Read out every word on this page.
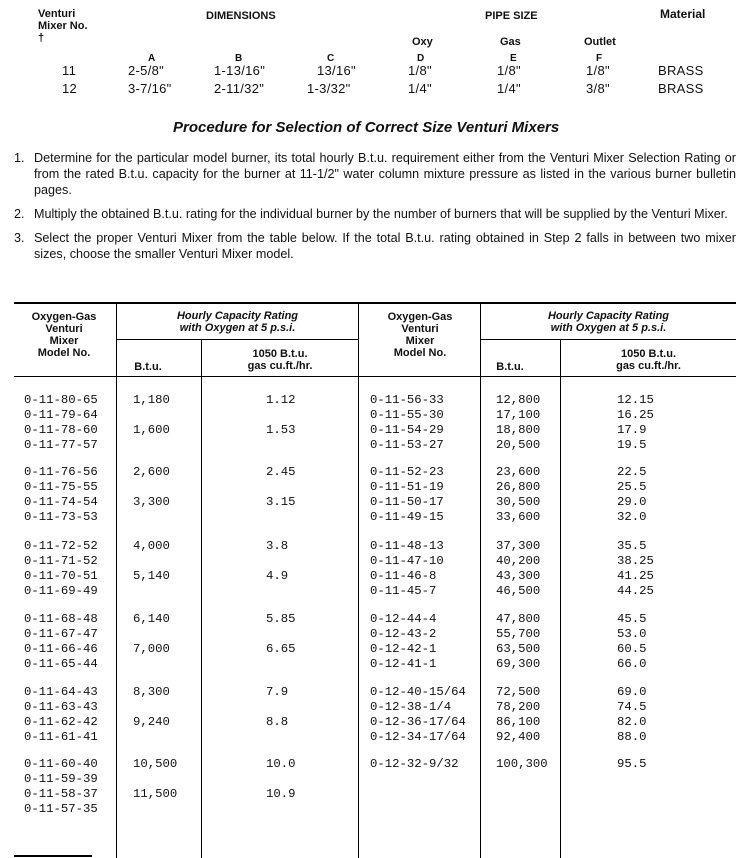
Venturi
Mixer No.
†
DIMENSIONS	PIPE SIZE	Material
Oxy	Gas	Outlet
A	B	C	D	E	F
11	2-5/8"	1-13/16"	13/16"	1/8"	1/8"	1/8"	BRASS
12	3-7/16"	2-11/32"	1-3/32"	1/4"	1/4"	3/8"	BRASS
Procedure for Selection of Correct Size Venturi Mixers
1. Determine for the particular model burner, its total hourly B.t.u. requirement either from the Venturi Mixer Selection Rating or from the rated B.t.u. capacity for the burner at 11-1/2" water column mixture pressure as listed in the various burner bulletin pages.
2. Multiply the obtained B.t.u. rating for the individual burner by the number of burners that will be supplied by the Venturi Mixer.
3. Select the proper Venturi Mixer from the table below. If the total B.t.u. rating obtained in Step 2 falls in between two mixer sizes, choose the smaller Venturi Mixer model.
Oxygen-Gas
Venturi
Mixer
Model No.
Hourly Capacity Rating
with Oxygen at 5 p.s.i.
B.t.u.
1050 B.t.u.
gas cu.ft./hr.
Oxygen-Gas
Venturi
Mixer
Model No.
Hourly Capacity Rating
with Oxygen at 5 p.s.i.
B.t.u.
1050 B.t.u.
gas cu.ft./hr.
0-11-80-65	1,180	1.12
0-11-79-64
0-11-78-60	1,600	1.53
0-11-77-57
0-11-76-56	2,600	2.45
0-11-75-55
0-11-74-54	3,300	3.15
0-11-73-53
0-11-72-52	4,000	3.8
0-11-71-52
0-11-70-51	5,140	4.9
0-11-69-49
0-11-68-48	6,140	5.85
0-11-67-47
0-11-66-46	7,000	6.65
0-11-65-44
0-11-64-43	8,300	7.9
0-11-63-43
0-11-62-42	9,240	8.8
0-11-61-41
0-11-60-40	10,500	10.0
0-11-59-39
0-11-58-37	11,500	10.9
0-11-57-35
0-11-56-33	12,800	12.15
0-11-55-30	17,100	16.25
0-11-54-29	18,800	17.9
0-11-53-27	20,500	19.5
0-11-52-23	23,600	22.5
0-11-51-19	26,800	25.5
0-11-50-17	30,500	29.0
0-11-49-15	33,600	32.0
0-11-48-13	37,300	35.5
0-11-47-10	40,200	38.25
0-11-46-8	43,300	41.25
0-11-45-7	46,500	44.25
0-12-44-4	47,800	45.5
0-12-43-2	55,700	53.0
0-12-42-1	63,500	60.5
0-12-41-1	69,300	66.0
0-12-40-15/64 72,500	69.0
0-12-38-1/4	78,200	74.5
0-12-36-17/64 86,100	82.0
0-12-34-17/64 92,400	88.0
0-12-32-9/32	100,300	95.5
